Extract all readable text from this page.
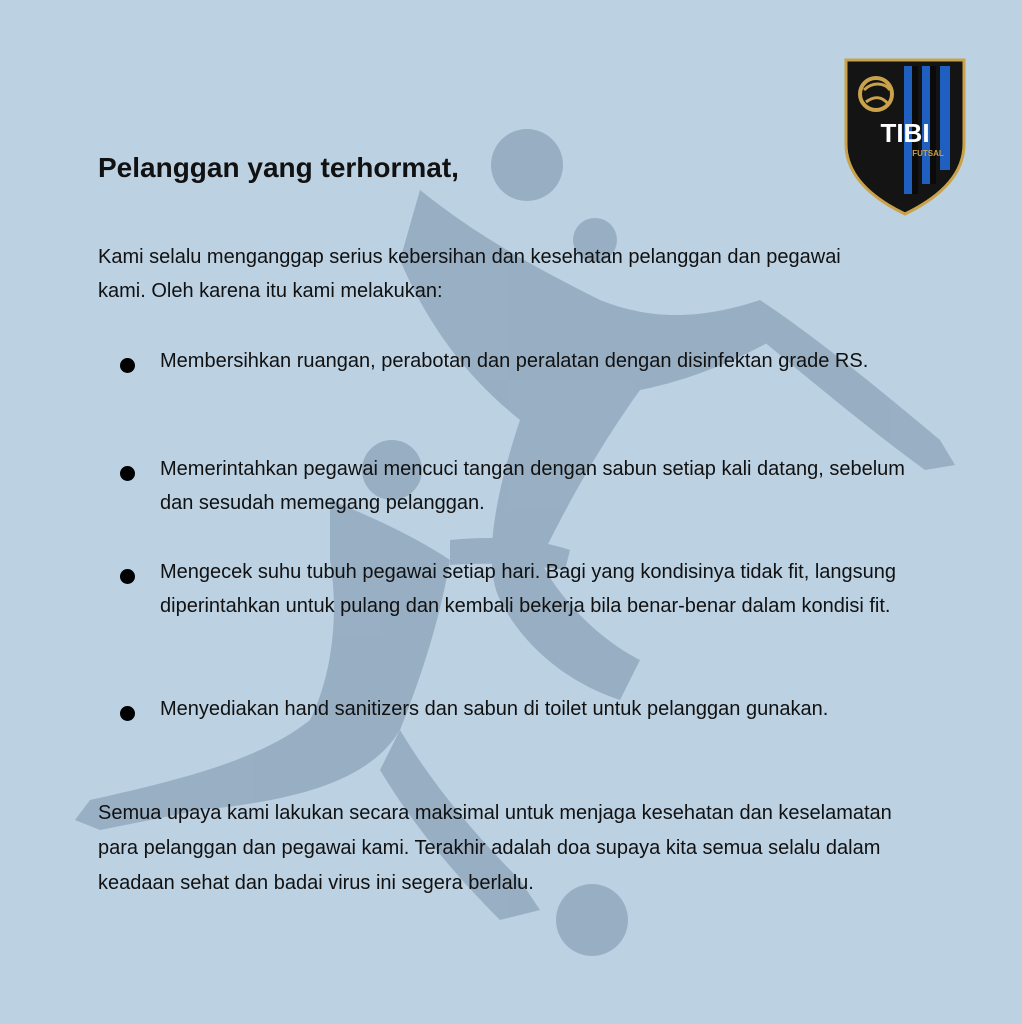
TIBI
FUTSAL
Pelanggan yang terhormat,
Kami selalu menganggap serius kebersihan dan kesehatan pelanggan dan pegawai kami. Oleh karena itu kami melakukan:
Membersihkan ruangan, perabotan dan peralatan dengan disinfektan grade RS.
Memerintahkan pegawai mencuci tangan dengan sabun setiap kali datang, sebelum dan sesudah memegang pelanggan.
Mengecek suhu tubuh pegawai setiap hari. Bagi yang kondisinya tidak fit, langsung diperintahkan untuk pulang dan kembali bekerja bila benar-benar dalam kondisi fit.
Menyediakan hand sanitizers dan sabun di toilet untuk pelanggan gunakan.
Semua upaya kami lakukan secara maksimal untuk menjaga kesehatan dan keselamatan para pelanggan dan pegawai kami. Terakhir adalah doa supaya kita semua selalu dalam keadaan sehat dan badai virus ini segera berlalu.
